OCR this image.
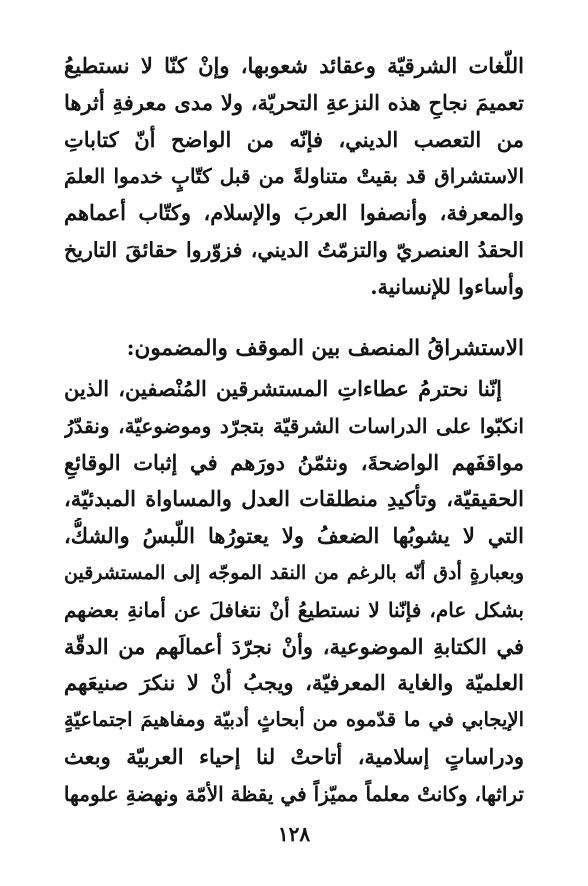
اللّغات الشرقيّة وعقائد شعوبها، وإنْ كنّا لا نستطيعُ
تعميمَ نجاحِ هذه النزعةِ التحريّة، ولا مدى معرفةِ أثرها
من التعصب الديني، فإنّه من الواضح أنّ كتاباتِ
الاستشراق قد بقيتْ متناولةً من قبل كتّابٍ خدموا العلمَ
والمعرفة، وأنصفوا العربَ والإسلام، وكتّاب أعماهم
الحقدُ العنصريّ والتزمّتُ الديني، فزوّروا حقائقَ التاريخ
وأساءوا للإنسانية.
الاستشراقُ المنصف بين الموقف والمضمون:
إنّنا نحترمُ عطاءاتِ المستشرقين المُنْصفين، الذين
انكبّوا على الدراسات الشرقيّة بتجرّد وموضوعيّة، ونقدّرُ
مواقفَهم الواضحةَ، ونثمّنُ دورَهم في إثبات الوقائعِ
الحقيقيّة، وتأكيدِ منطلقات العدل والمساواة المبدئيّة،
التي لا يشوبُها الضعفُ ولا يعتورُها اللّبسُ والشكُّ،
وبعبارةٍ أدق أنّه بالرغم من النقد الموجّه إلى المستشرقين
بشكل عام، فإنّنا لا نستطيعُ أنْ نتغافلَ عن أمانةِ بعضهم
في الكتابةِ الموضوعية، وأنْ نجرّدَ أعمالَهم من الدقّة
العلميّة والغاية المعرفيّة، ويجبُ أنْ لا ننكرَ صنيعَهم
الإيجابي في ما قدّموه من أبحاثٍ أدبيّة ومفاهيمَ اجتماعيّةٍ
ودراساتٍ إسلامية، أتاحتْ لنا إحياء العربيّة وبعث
تراثها، وكانتْ معلماً مميّزاً في يقظة الأمّة ونهضةِ علومها
١٢٨
